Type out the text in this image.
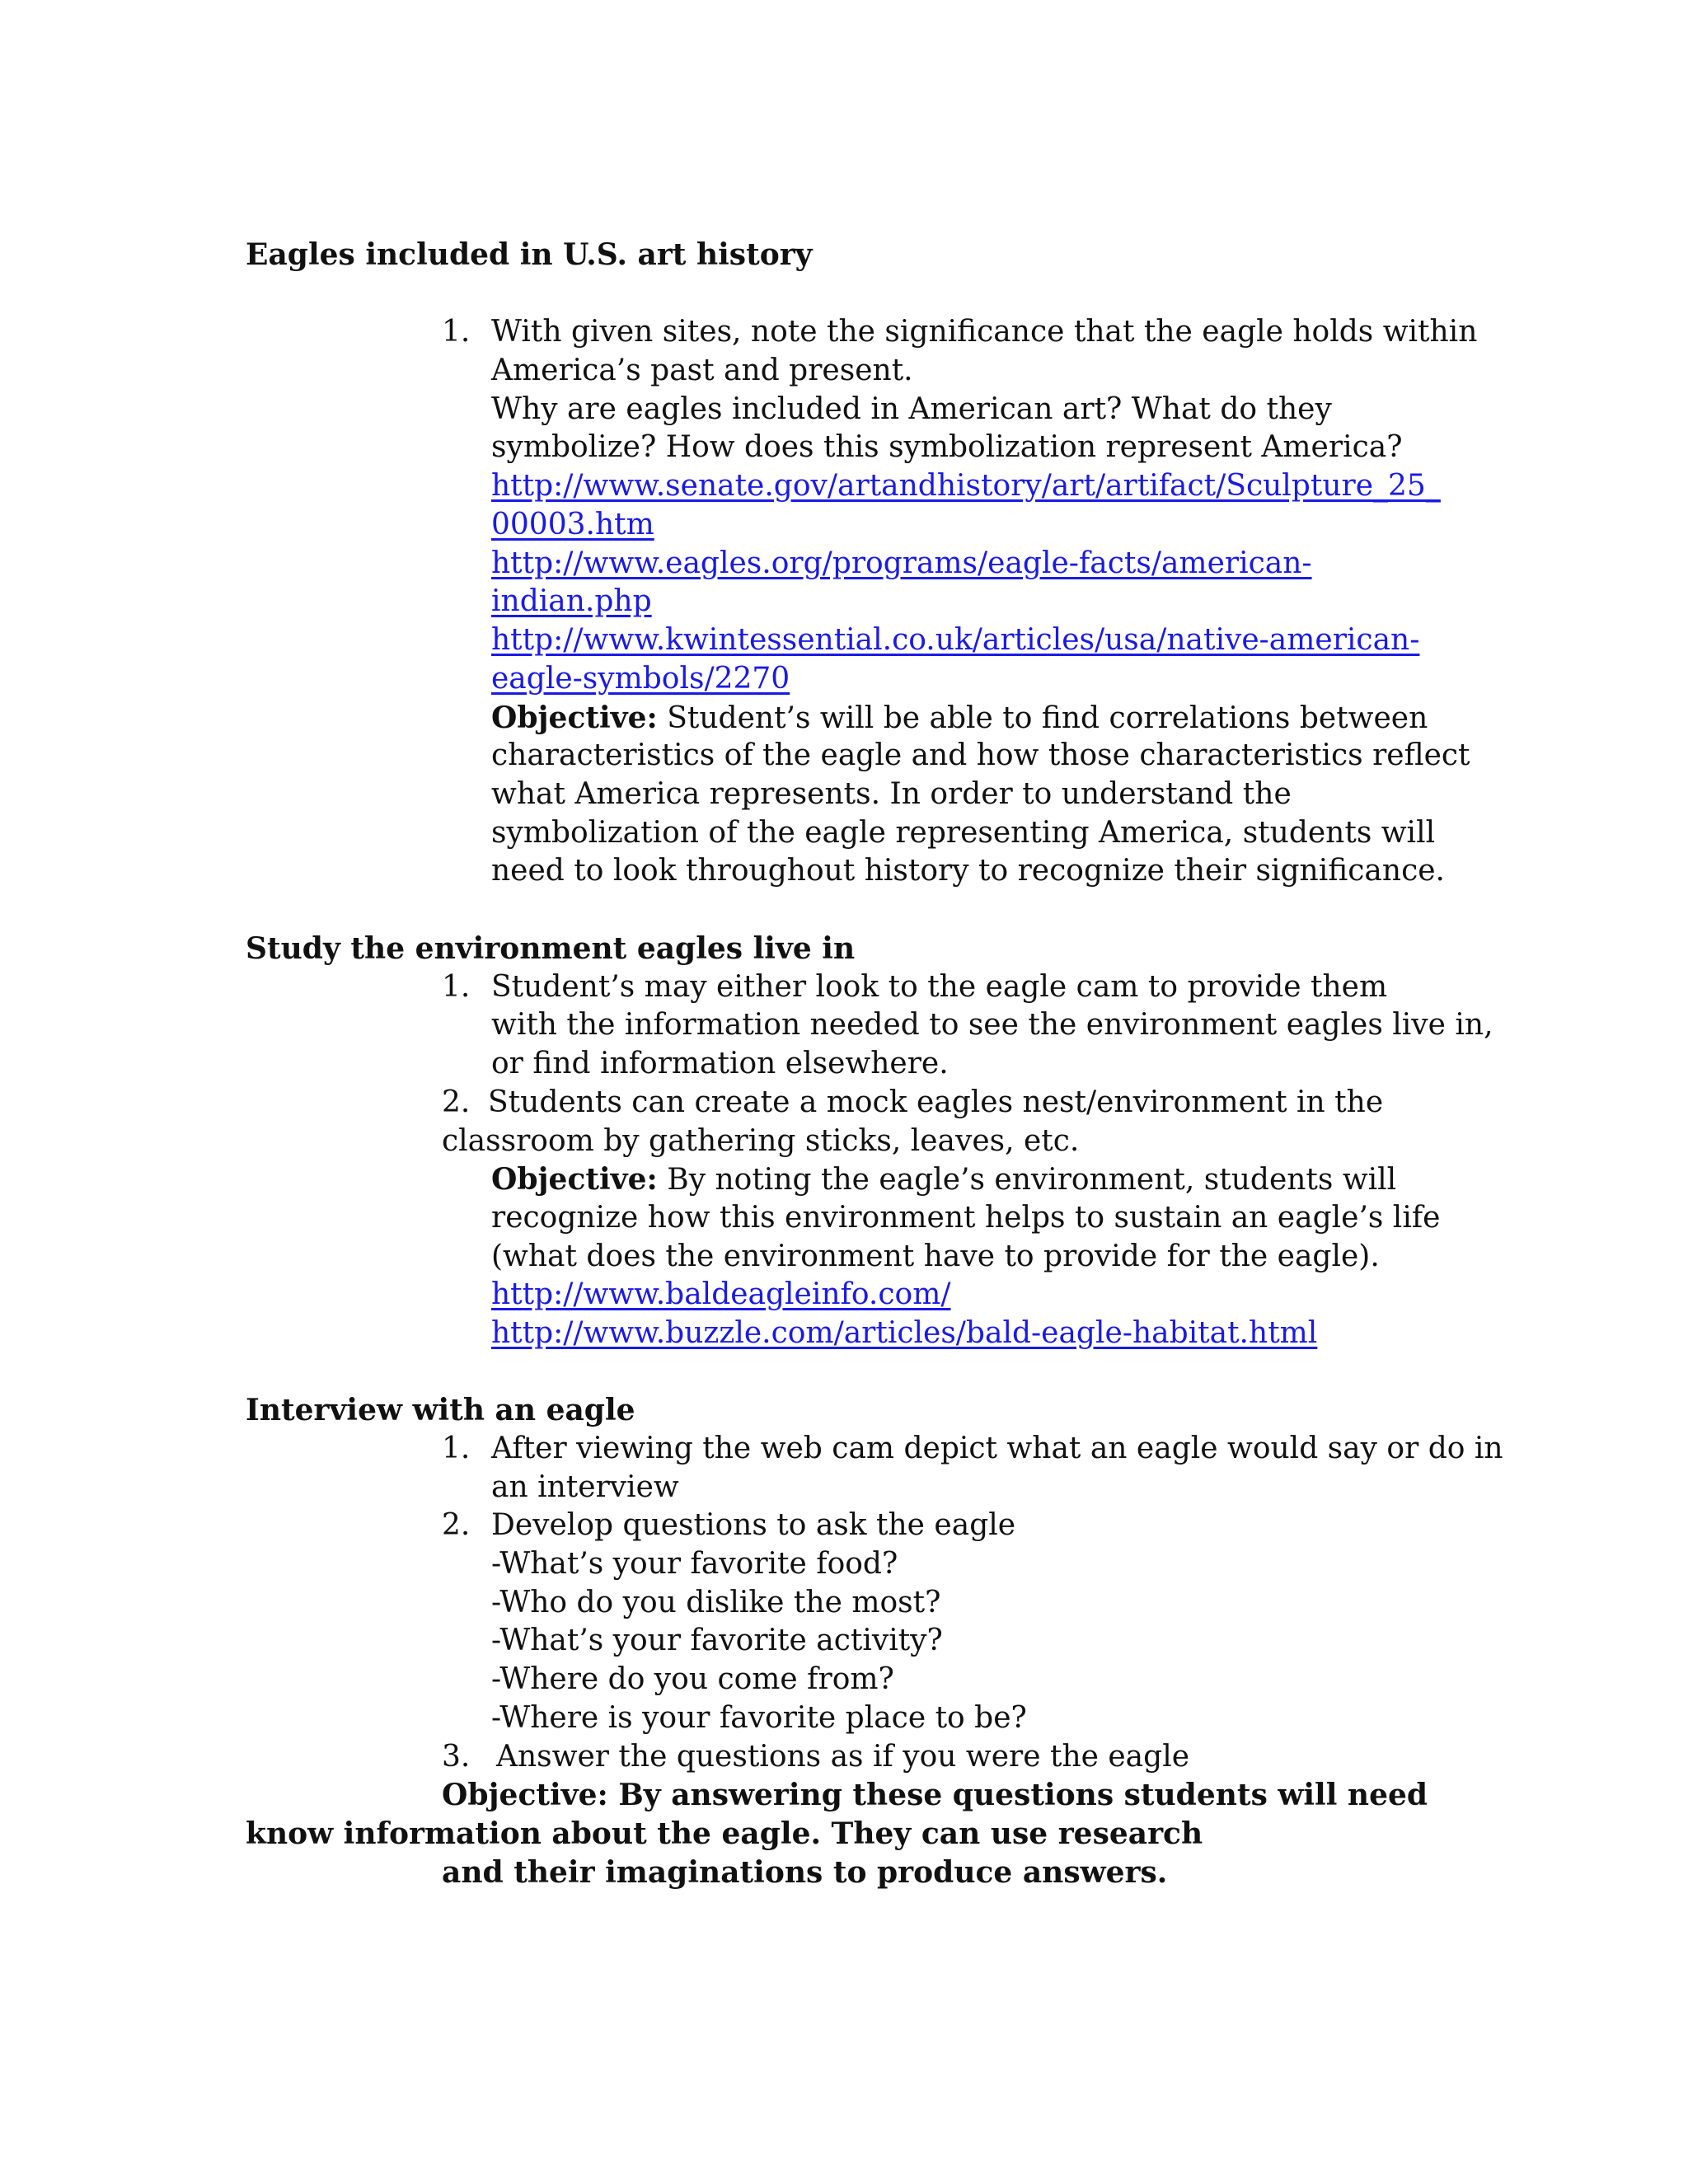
Eagles included in U.S. art history

1. With given sites, note the significance that the eagle holds within

America’s past and present.

Why are eagles included in American art? What do they

symbolize? How does this symbolization represent America?

http://www.senate.gov/artandhistory/art/artifact/Sculpture_25_

00003.htm

http://www.eagles.org/programs/eagle-facts/american-

indian.php

http://www.kwintessential.co.uk/articles/usa/native-american-

eagle-symbols/2270

Objective: Student’s will be able to find correlations between

characteristics of the eagle and how those characteristics reflect

what America represents. In order to understand the

symbolization of the eagle representing America, students will

need to look throughout history to recognize their significance.

Study the environment eagles live in

1. Student’s may either look to the eagle cam to provide them

with the information needed to see the environment eagles live in,

or find information elsewhere.

2. Students can create a mock eagles nest/environment in the

classroom by gathering sticks, leaves, etc.

Objective: By noting the eagle’s environment, students will

recognize how this environment helps to sustain an eagle’s life

(what does the environment have to provide for the eagle).

http://www.baldeagleinfo.com/

http://www.buzzle.com/articles/bald-eagle-habitat.html

Interview with an eagle

1. After viewing the web cam depict what an eagle would say or do in

an interview

2. Develop questions to ask the eagle

-What’s your favorite food?

-Who do you dislike the most?

-What’s your favorite activity?

-Where do you come from?

-Where is your favorite place to be?

3. Answer the questions as if you were the eagle

Objective: By answering these questions students will need

know information about the eagle. They can use research

and their imaginations to produce answers.
